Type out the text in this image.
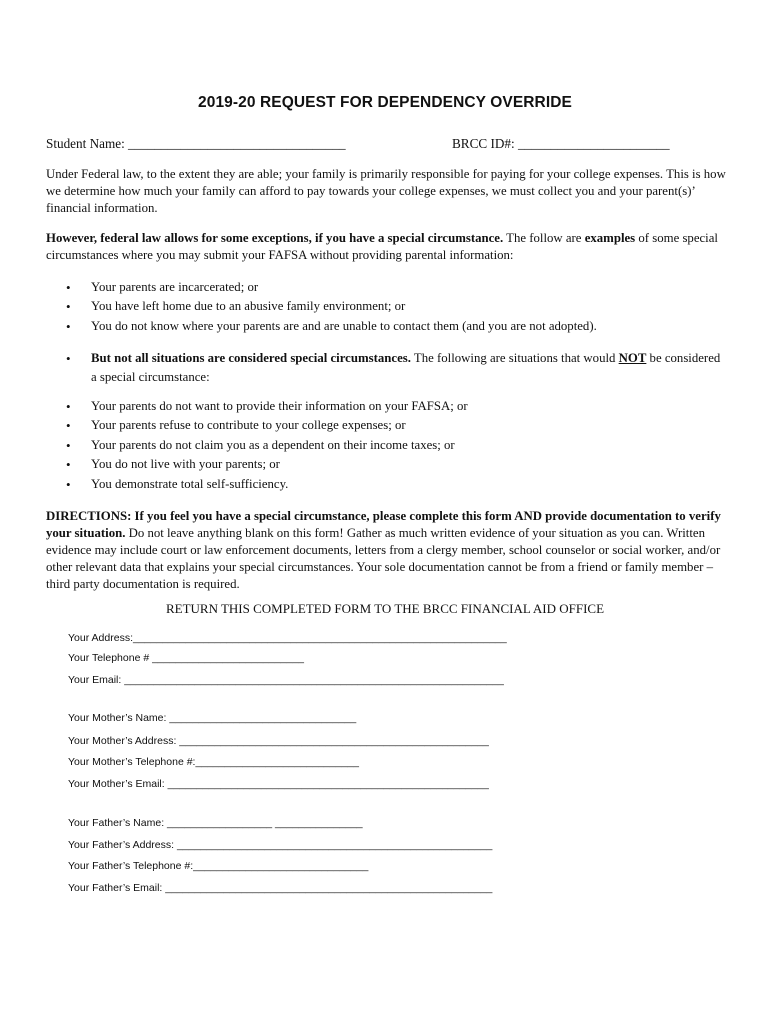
2019-20 REQUEST FOR DEPENDENCY OVERRIDE
Student Name: _________________________________	BRCC ID#: _______________________

Under Federal law, to the extent they are able; your family is primarily responsible for paying for your college expenses. This is how we determine how much your family can afford to pay towards your college expenses, we must collect you and your parent(s)’ financial information.

However, federal law allows for some exceptions, if you have a special circumstance. The follow are examples of some special circumstances where you may submit your FAFSA without providing parental information:

• Your parents are incarcerated; or
• You have left home due to an abusive family environment; or
• You do not know where your parents are and are unable to contact them (and you are not adopted).
• But not all situations are considered special circumstances. The following are situations that would NOT be considered a special circumstance:
• Your parents do not want to provide their information on your FAFSA; or
• Your parents refuse to contribute to your college expenses; or
• Your parents do not claim you as a dependent on their income taxes; or
• You do not live with your parents; or
• You demonstrate total self-sufficiency.

DIRECTIONS: If you feel you have a special circumstance, please complete this form AND provide documentation to verify your situation. Do not leave anything blank on this form! Gather as much written evidence of your situation as you can. Written evidence may include court or law enforcement documents, letters from a clergy member, school counselor or social worker, and/or other relevant data that explains your special circumstances. Your sole documentation cannot be from a friend or family member – third party documentation is required.

RETURN THIS COMPLETED FORM TO THE BRCC FINANCIAL AID OFFICE
Your Address:________________________________________________________________
Your Telephone # __________________________
Your Email: _________________________________________________________________
Your Mother’s Name: ________________________________
Your Mother’s Address: _____________________________________________________
Your Mother’s Telephone #:____________________________
Your Mother’s Email: _______________________________________________________
Your Father’s Name: __________________ _______________
Your Father’s Address: ______________________________________________________
Your Father’s Telephone #:______________________________
Your Father’s Email: ________________________________________________________
